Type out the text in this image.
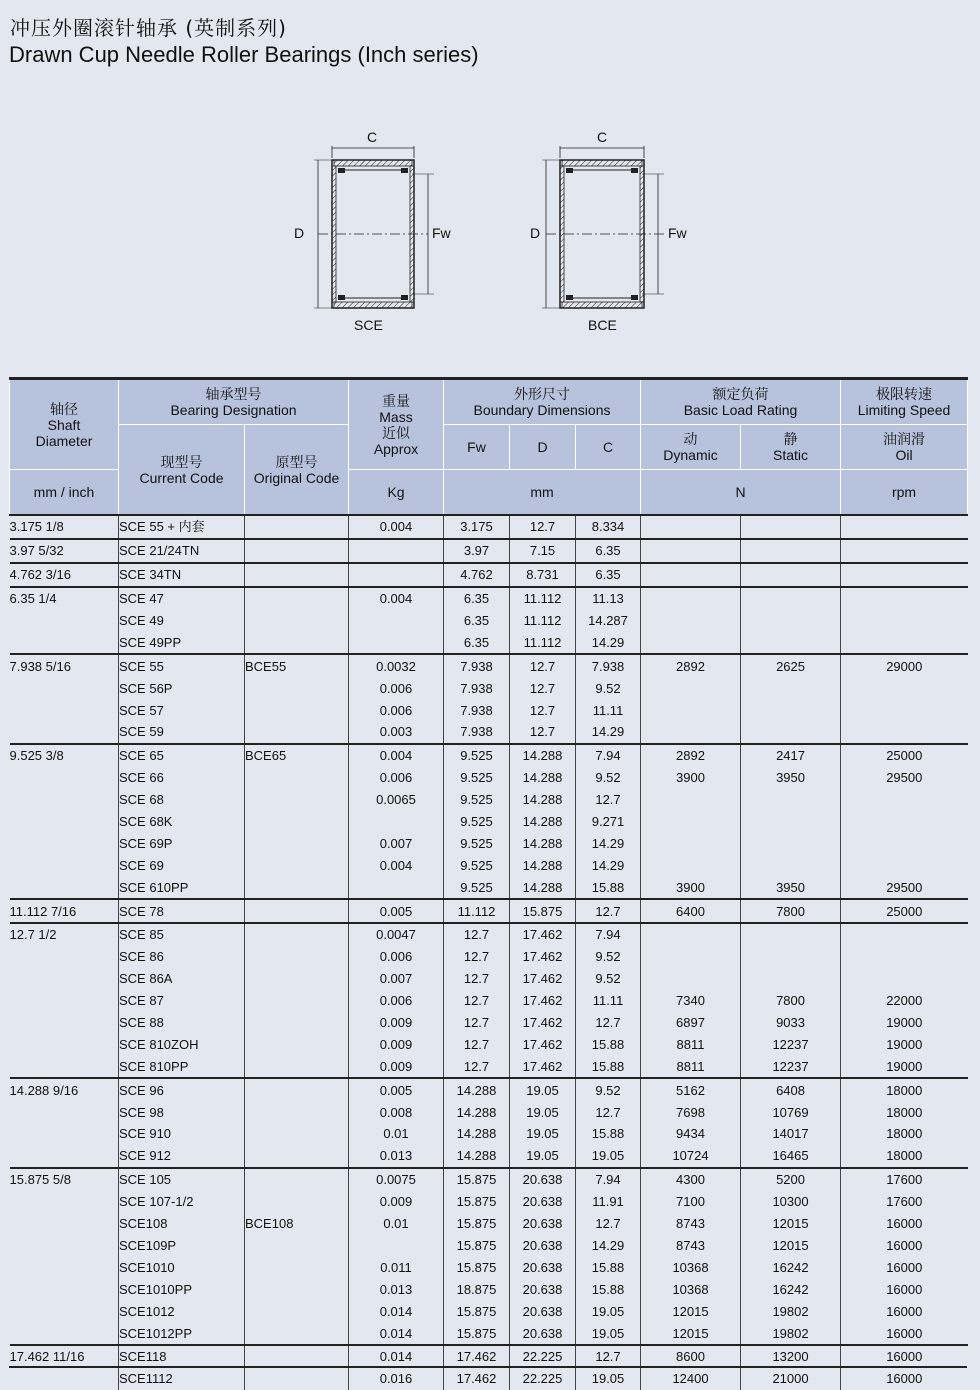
冲压外圈滚针轴承 (英制系列)
Drawn Cup Needle Roller Bearings (Inch series)
C
D	Fw
SCE
C
D	Fw
BCE
轴径
Shaft
Diameter	轴承型号
Bearing Designation		重量
Mass
近似
Approx	外形尺寸
Boundary Dimensions			额定负荷
Basic Load Rating		极限转速
Limiting Speed
	现型号
Current Code	原型号
Original Code		Fw	D	C	动
Dynamic	静
Static	油润滑
Oil
mm / inch			Kg	mm			N		rpm
3.175 1/8	SCE 55 + 内套		0.004	3.175	12.7	8.334			
3.97 5/32	SCE 21/24TN			3.97	7.15	6.35			
4.762 3/16	SCE 34TN			4.762	8.731	6.35			
6.35 1/4	SCE 47		0.004	6.35	11.112	11.13			
	SCE 49			6.35	11.112	14.287			
	SCE 49PP			6.35	11.112	14.29			
7.938 5/16	SCE 55	BCE55	0.0032	7.938	12.7	7.938	2892	2625	29000
	SCE 56P		0.006	7.938	12.7	9.52			
	SCE 57		0.006	7.938	12.7	11.11			
	SCE 59		0.003	7.938	12.7	14.29			
9.525 3/8	SCE 65	BCE65	0.004	9.525	14.288	7.94	2892	2417	25000
	SCE 66		0.006	9.525	14.288	9.52	3900	3950	29500
	SCE 68		0.0065	9.525	14.288	12.7			
	SCE 68K			9.525	14.288	9.271			
	SCE 69P		0.007	9.525	14.288	14.29			
	SCE 69		0.004	9.525	14.288	14.29			
	SCE 610PP			9.525	14.288	15.88	3900	3950	29500
11.112 7/16	SCE 78		0.005	11.112	15.875	12.7	6400	7800	25000
12.7 1/2	SCE 85		0.0047	12.7	17.462	7.94			
	SCE 86		0.006	12.7	17.462	9.52			
	SCE 86A		0.007	12.7	17.462	9.52			
	SCE 87		0.006	12.7	17.462	11.11	7340	7800	22000
	SCE 88		0.009	12.7	17.462	12.7	6897	9033	19000
	SCE 810ZOH		0.009	12.7	17.462	15.88	8811	12237	19000
	SCE 810PP		0.009	12.7	17.462	15.88	8811	12237	19000
14.288 9/16	SCE 96		0.005	14.288	19.05	9.52	5162	6408	18000
	SCE 98		0.008	14.288	19.05	12.7	7698	10769	18000
	SCE 910		0.01	14.288	19.05	15.88	9434	14017	18000
	SCE 912		0.013	14.288	19.05	19.05	10724	16465	18000
15.875 5/8	SCE 105		0.0075	15.875	20.638	7.94	4300	5200	17600
	SCE 107-1/2		0.009	15.875	20.638	11.91	7100	10300	17600
	SCE108	BCE108	0.01	15.875	20.638	12.7	8743	12015	16000
	SCE109P			15.875	20.638	14.29	8743	12015	16000
	SCE1010		0.011	15.875	20.638	15.88	10368	16242	16000
	SCE1010PP		0.013	18.875	20.638	15.88	10368	16242	16000
	SCE1012		0.014	15.875	20.638	19.05	12015	19802	16000
	SCE1012PP		0.014	15.875	20.638	19.05	12015	19802	16000
17.462 11/16	SCE118		0.014	17.462	22.225	12.7	8600	13200	16000
	SCE1112		0.016	17.462	22.225	19.05	12400	21000	16000
